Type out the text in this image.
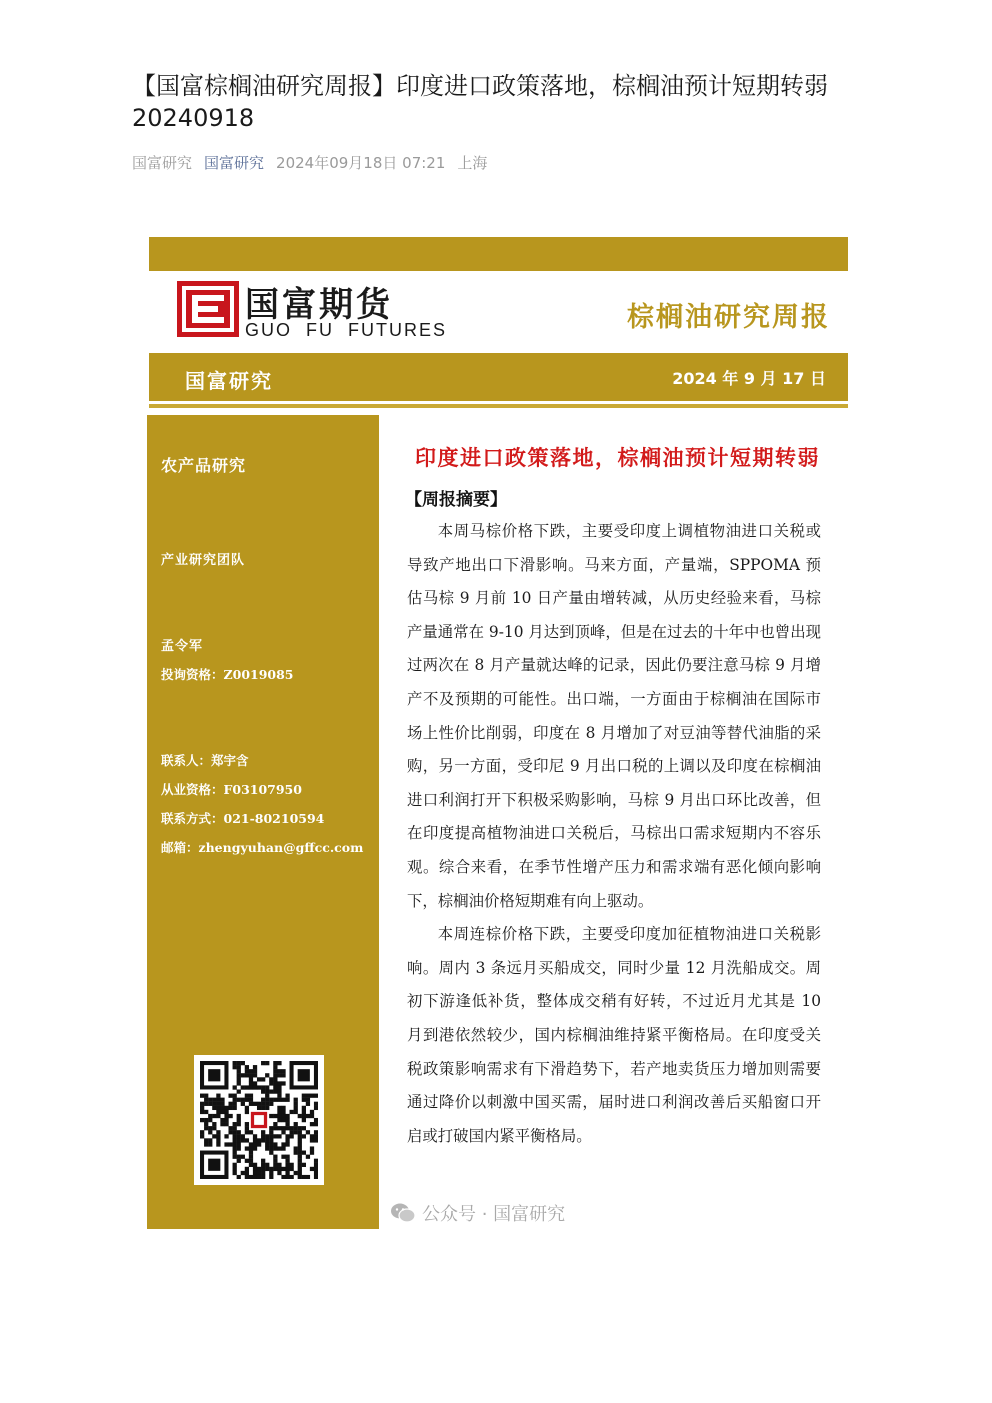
【国富棕榈油研究周报】印度进口政策落地，棕榈油预计短期转弱20240918
国富研究 国富研究 2024年09月18日 07:21 上海
国富期货
GUO  FU  FUTURES	棕榈油研究周报
国富研究	2024 年 9 月 17 日
农产品研究
产业研究团队
孟令军
投询资格：Z0019085
联系人：郑宇含
从业资格：F03107950
联系方式：021-80210594
邮箱：zhengyuhan@gffcc.com
印度进口政策落地，棕榈油预计短期转弱
【周报摘要】

本周马棕价格下跌，主要受印度上调植物油进口关税或导致产地出口下滑影响。马来方面，产量端，SPPOMA 预估马棕 9 月前 10 日产量由增转减，从历史经验来看，马棕产量通常在 9-10 月达到顶峰，但是在过去的十年中也曾出现过两次在 8 月产量就达峰的记录，因此仍要注意马棕 9 月增产不及预期的可能性。出口端，一方面由于棕榈油在国际市场上性价比削弱，印度在 8 月增加了对豆油等替代油脂的采购，另一方面，受印尼 9 月出口税的上调以及印度在棕榈油进口利润打开下积极采购影响，马棕 9 月出口环比改善，但在印度提高植物油进口关税后，马棕出口需求短期内不容乐观。综合来看，在季节性增产压力和需求端有恶化倾向影响下，棕榈油价格短期难有向上驱动。

本周连棕价格下跌，主要受印度加征植物油进口关税影响。周内 3 条远月买船成交，同时少量 12 月洗船成交。周初下游逢低补货，整体成交稍有好转，不过近月尤其是 10 月到港依然较少，国内棕榈油维持紧平衡格局。在印度受关税政策影响需求有下滑趋势下，若产地卖货压力增加则需要通过降价以刺激中国买需，届时进口利润改善后买船窗口开启或打破国内紧平衡格局。

公众号 · 国富研究
